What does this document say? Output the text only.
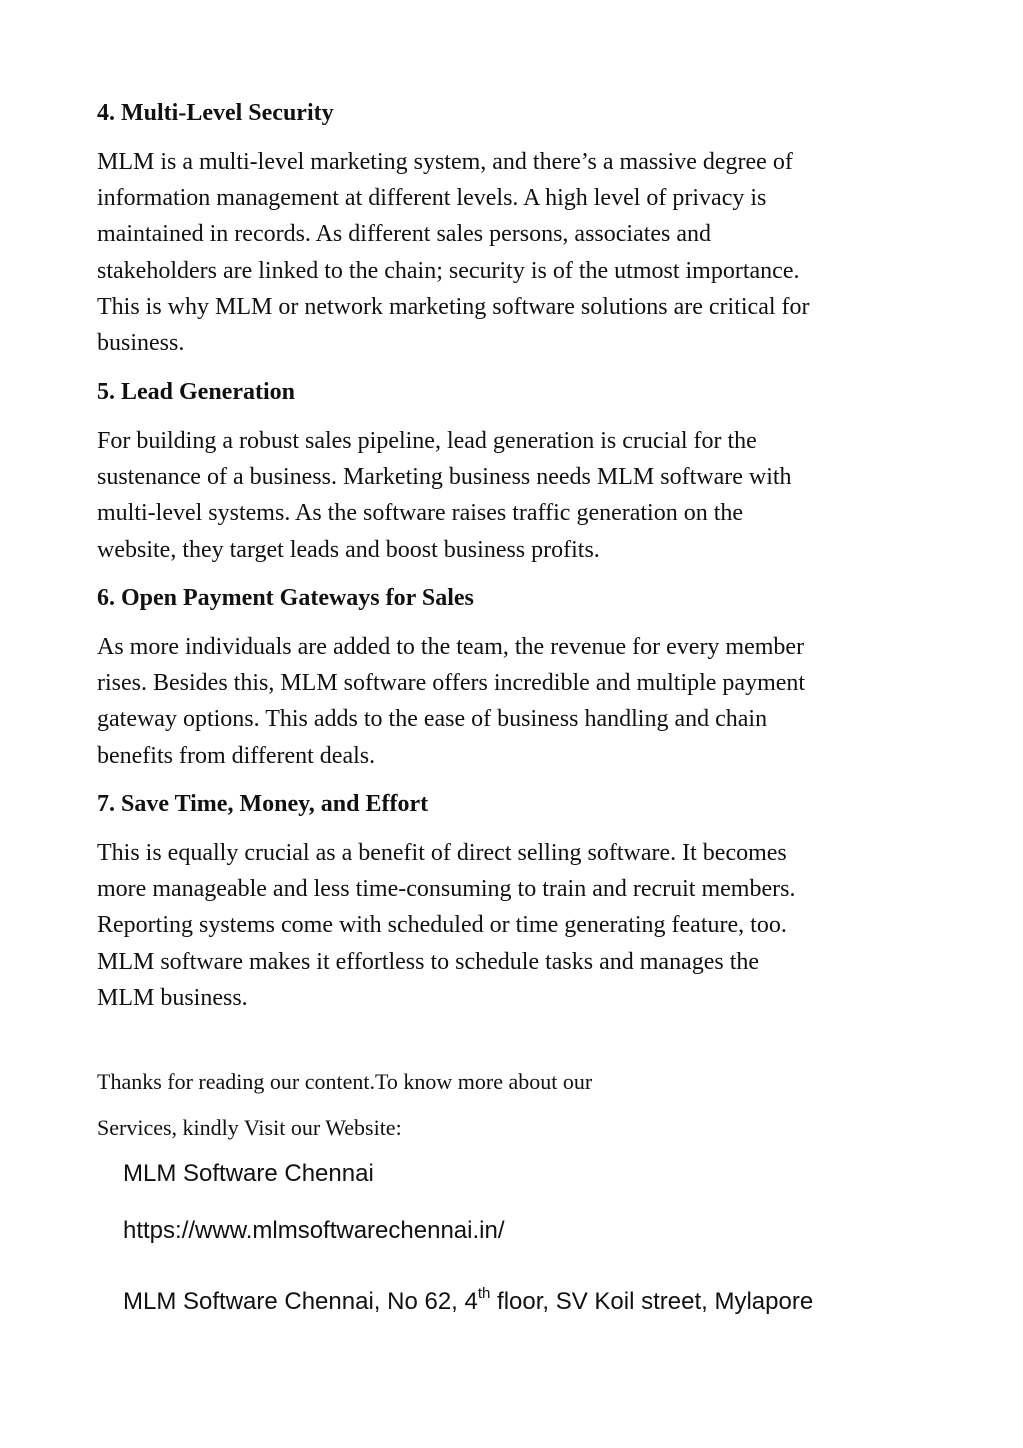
4. Multi-Level Security

MLM is a multi-level marketing system, and there’s a massive degree of
information management at different levels. A high level of privacy is
maintained in records. As different sales persons, associates and
stakeholders are linked to the chain; security is of the utmost importance.
This is why MLM or network marketing software solutions are critical for
business.

5. Lead Generation

For building a robust sales pipeline, lead generation is crucial for the
sustenance of a business. Marketing business needs MLM software with
multi-level systems. As the software raises traffic generation on the
website, they target leads and boost business profits.

6. Open Payment Gateways for Sales

As more individuals are added to the team, the revenue for every member
rises. Besides this, MLM software offers incredible and multiple payment
gateway options. This adds to the ease of business handling and chain
benefits from different deals.

7. Save Time, Money, and Effort

This is equally crucial as a benefit of direct selling software. It becomes
more manageable and less time-consuming to train and recruit members.
Reporting systems come with scheduled or time generating feature, too.
MLM software makes it effortless to schedule tasks and manages the
MLM business.

Thanks for reading our content.To know more about our

Services, kindly Visit our Website:

MLM Software Chennai

https://www.mlmsoftwarechennai.in/

MLM Software Chennai, No 62, 4th floor, SV Koil street, Mylapore
